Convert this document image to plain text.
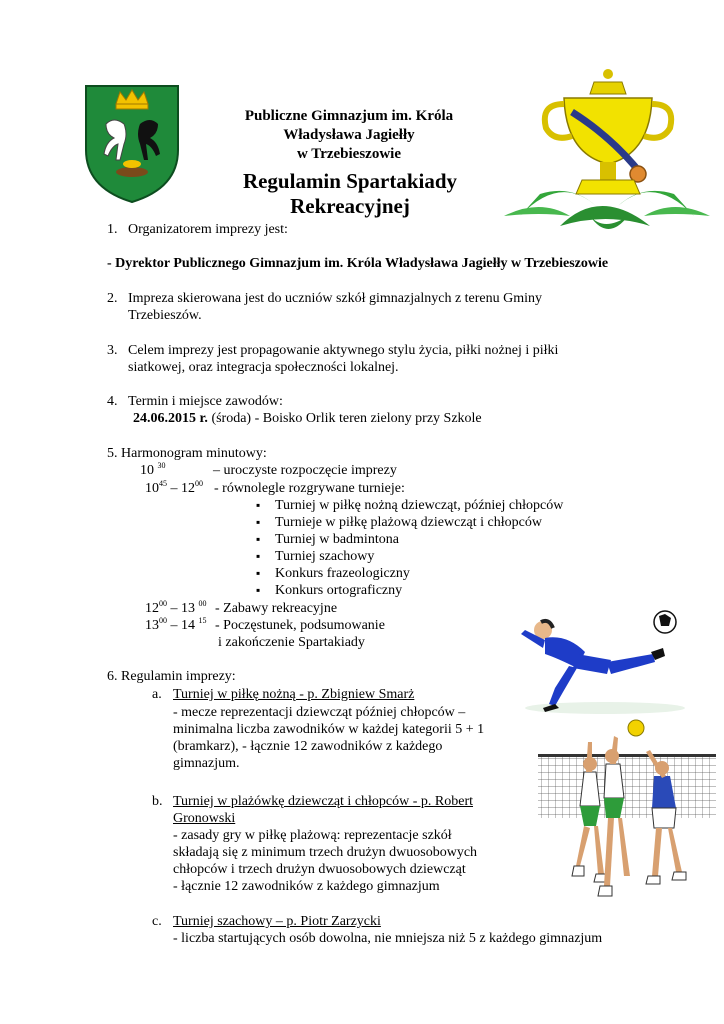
Publiczne Gimnazjum im. Króla
Władysława Jagiełły
w Trzebieszowie
Regulamin Spartakiady
Rekreacyjnej
1. Organizatorem imprezy jest:
- Dyrektor Publicznego Gimnazjum im. Króla Władysława Jagiełły w Trzebieszowie
2. Impreza skierowana jest do uczniów szkół gimnazjalnych z terenu Gminy
Trzebieszów.
3. Celem imprezy jest propagowanie aktywnego stylu życia, piłki nożnej i piłki
siatkowej, oraz integracja społeczności lokalnej.
4. Termin i miejsce zawodów:
24.06.2015 r. (środa) - Boisko Orlik teren zielony przy Szkole
5. Harmonogram minutowy:
10 $^{30}$	– uroczyste rozpoczęcie imprezy
$10^{45} - 12^{00}$ - równolegle rozgrywane turnieje:
▪ Turniej w piłkę nożną dziewcząt, później chłopców
▪ Turnieje w piłkę plażową dziewcząt i chłopców
▪ Turniej w badmintona
▪ Turniej szachowy
▪ Konkurs frazeologiczny
▪ Konkurs ortograficzny
$12^{00} - 13$ $^{00}$ - Zabawy rekreacyjne
$13^{00} - 14$ $^{15}$ - Poczęstunek, podsumowanie
i zakończenie Spartakiady
6. Regulamin imprezy:
a. Turniej w piłkę nożną - p. Zbigniew Smarż
- mecze reprezentacji dziewcząt później chłopców –
minimalna liczba zawodników w każdej kategorii 5 + 1
(bramkarz), - łącznie 12 zawodników z każdego
gimnazjum.
b. Turniej w plażówkę dziewcząt i chłopców - p. Robert
Gronowski
- zasady gry w piłkę plażową: reprezentacje szkół
składają się z minimum trzech drużyn dwuosobowych
chłopców i trzech drużyn dwuosobowych dziewcząt
- łącznie 12 zawodników z każdego gimnazjum
c. Turniej szachowy – p. Piotr Zarzycki
- liczba startujących osób dowolna, nie mniejsza niż 5 z każdego gimnazjum
